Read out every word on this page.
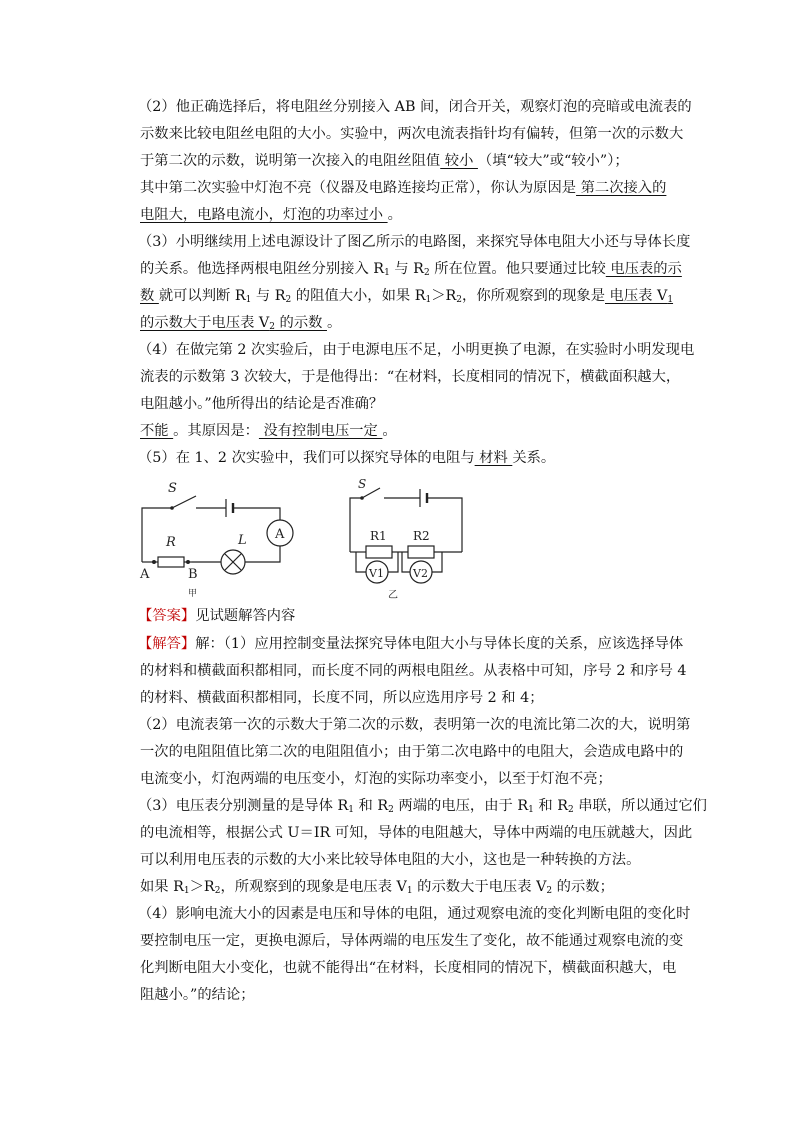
（2）他正确选择后，将电阻丝分别接入 AB 间，闭合开关，观察灯泡的亮暗或电流表的
示数来比较电阻丝电阻的大小。实验中，两次电流表指针均有偏转，但第一次的示数大
于第二次的示数，说明第一次接入的电阻丝阻值 较小 （填“较大”或“较小”）；
其中第二次实验中灯泡不亮（仪器及电路连接均正常），你认为原因是 第二次接入的
电阻大，电路电流小，灯泡的功率过小 。
（3）小明继续用上述电源设计了图乙所示的电路图，来探究导体电阻大小还与导体长度
的关系。他选择两根电阻丝分别接入 $R_1$ 与 $R_2$ 所在位置。他只要通过比较 电压表的示
数 就可以判断 $R_1$ 与 $R_2$ 的阻值大小，如果 $R_1>R_2$，你所观察到的现象是 电压表 $V_1$
的示数大于电压表 $V_2$ 的示数 。
（4）在做完第 2 次实验后，由于电源电压不足，小明更换了电源，在实验时小明发现电
流表的示数第 3 次较大，于是他得出：“在材料，长度相同的情况下，横截面积越大，
电阻越小。”他所得出的结论是否准确？
不能 。其原因是： 没有控制电压一定 。
（5）在 1、2 次实验中，我们可以探究导体的电阻与 材料 关系。
S
R	L A
A	B
甲
S
R1 R2
V1	V2
乙
【答案】见试题解答内容
【解答】解：（1）应用控制变量法探究导体电阻大小与导体长度的关系，应该选择导体
的材料和横截面积都相同，而长度不同的两根电阻丝。从表格中可知，序号 2 和序号 4
的材料、横截面积都相同，长度不同，所以应选用序号 2 和 4；
（2）电流表第一次的示数大于第二次的示数，表明第一次的电流比第二次的大，说明第
一次的电阻阻值比第二次的电阻阻值小；由于第二次电路中的电阻大，会造成电路中的
电流变小，灯泡两端的电压变小，灯泡的实际功率变小，以至于灯泡不亮；
（3）电压表分别测量的是导体 $R_1$ 和 $R_2$ 两端的电压，由于 $R_1$ 和 $R_2$ 串联，所以通过它们
的电流相等，根据公式 U＝IR 可知，导体的电阻越大，导体中两端的电压就越大，因此
可以利用电压表的示数的大小来比较导体电阻的大小，这也是一种转换的方法。
如果 $R_1>R_2$，所观察到的现象是电压表 $V_1$ 的示数大于电压表 $V_2$ 的示数；
（4）影响电流大小的因素是电压和导体的电阻，通过观察电流的变化判断电阻的变化时
要控制电压一定，更换电源后，导体两端的电压发生了变化，故不能通过观察电流的变
化判断电阻大小变化，也就不能得出“在材料，长度相同的情况下，横截面积越大，电
阻越小。”的结论；
